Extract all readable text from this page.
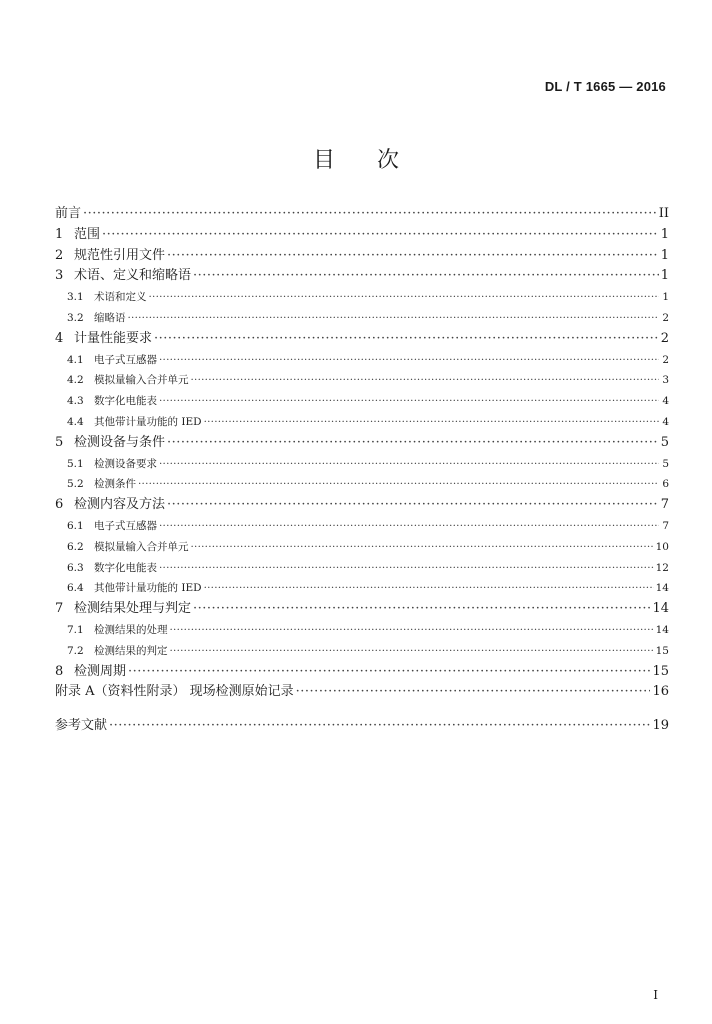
DL / T 1665 — 2016
目 次
前言 ·····	II
1 范围 ·····	1
2 规范性引用文件 ·····	1
3 术语、定义和缩略语 ·····	1
3.1 术语和定义 ·····	1
3.2 缩略语 ·····	2
4 计量性能要求 ·····	2
4.1 电子式互感器 ·····	2
4.2 模拟量输入合并单元 ·····	3
4.3 数字化电能表 ·····	4
4.4 其他带计量功能的 IED ·····	4
5 检测设备与条件 ·····	5
5.1 检测设备要求 ·····	5
5.2 检测条件 ·····	6
6 检测内容及方法 ·····	7
6.1 电子式互感器 ·····	7
6.2 模拟量输入合并单元 ·····	10
6.3 数字化电能表 ·····	12
6.4 其他带计量功能的 IED ·····	14
7 检测结果处理与判定 ·····	14
7.1 检测结果的处理 ·····	14
7.2 检测结果的判定 ·····	15
8 检测周期 ·····	15
附录 A（资料性附录） 现场检测原始记录 ·····	16
参考文献 ·····	19
I
